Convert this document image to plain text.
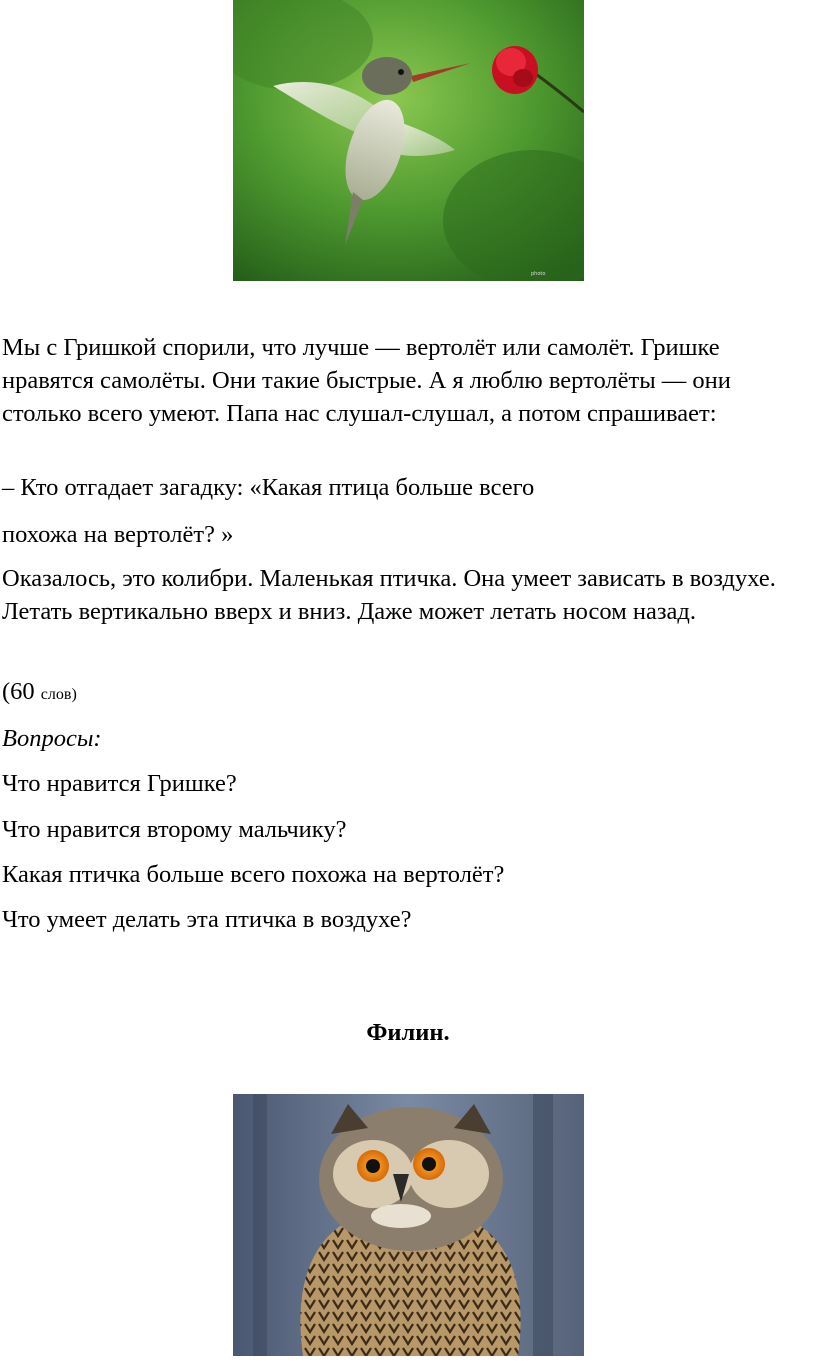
photo

Мы с Гришкой спорили, что лучше — вертолёт или самолёт. Гришке нравятся самолёты. Они такие быстрые. А я люблю вертолёты — они столько всего умеют. Папа нас слушал-слушал, а потом спрашивает:

– Кто отгадает загадку: «Какая птица больше всего

похожа на вертолёт? »

Оказалось, это колибри. Маленькая птичка. Она умеет зависать в воздухе. Летать вертикально вверх и вниз. Даже может летать носом назад.

(60 слов)

Вопросы:

Что нравится Гришке?

Что нравится второму мальчику?

Какая птичка больше всего похожа на вертолёт?

Что умеет делать эта птичка в воздухе?

Филин.
